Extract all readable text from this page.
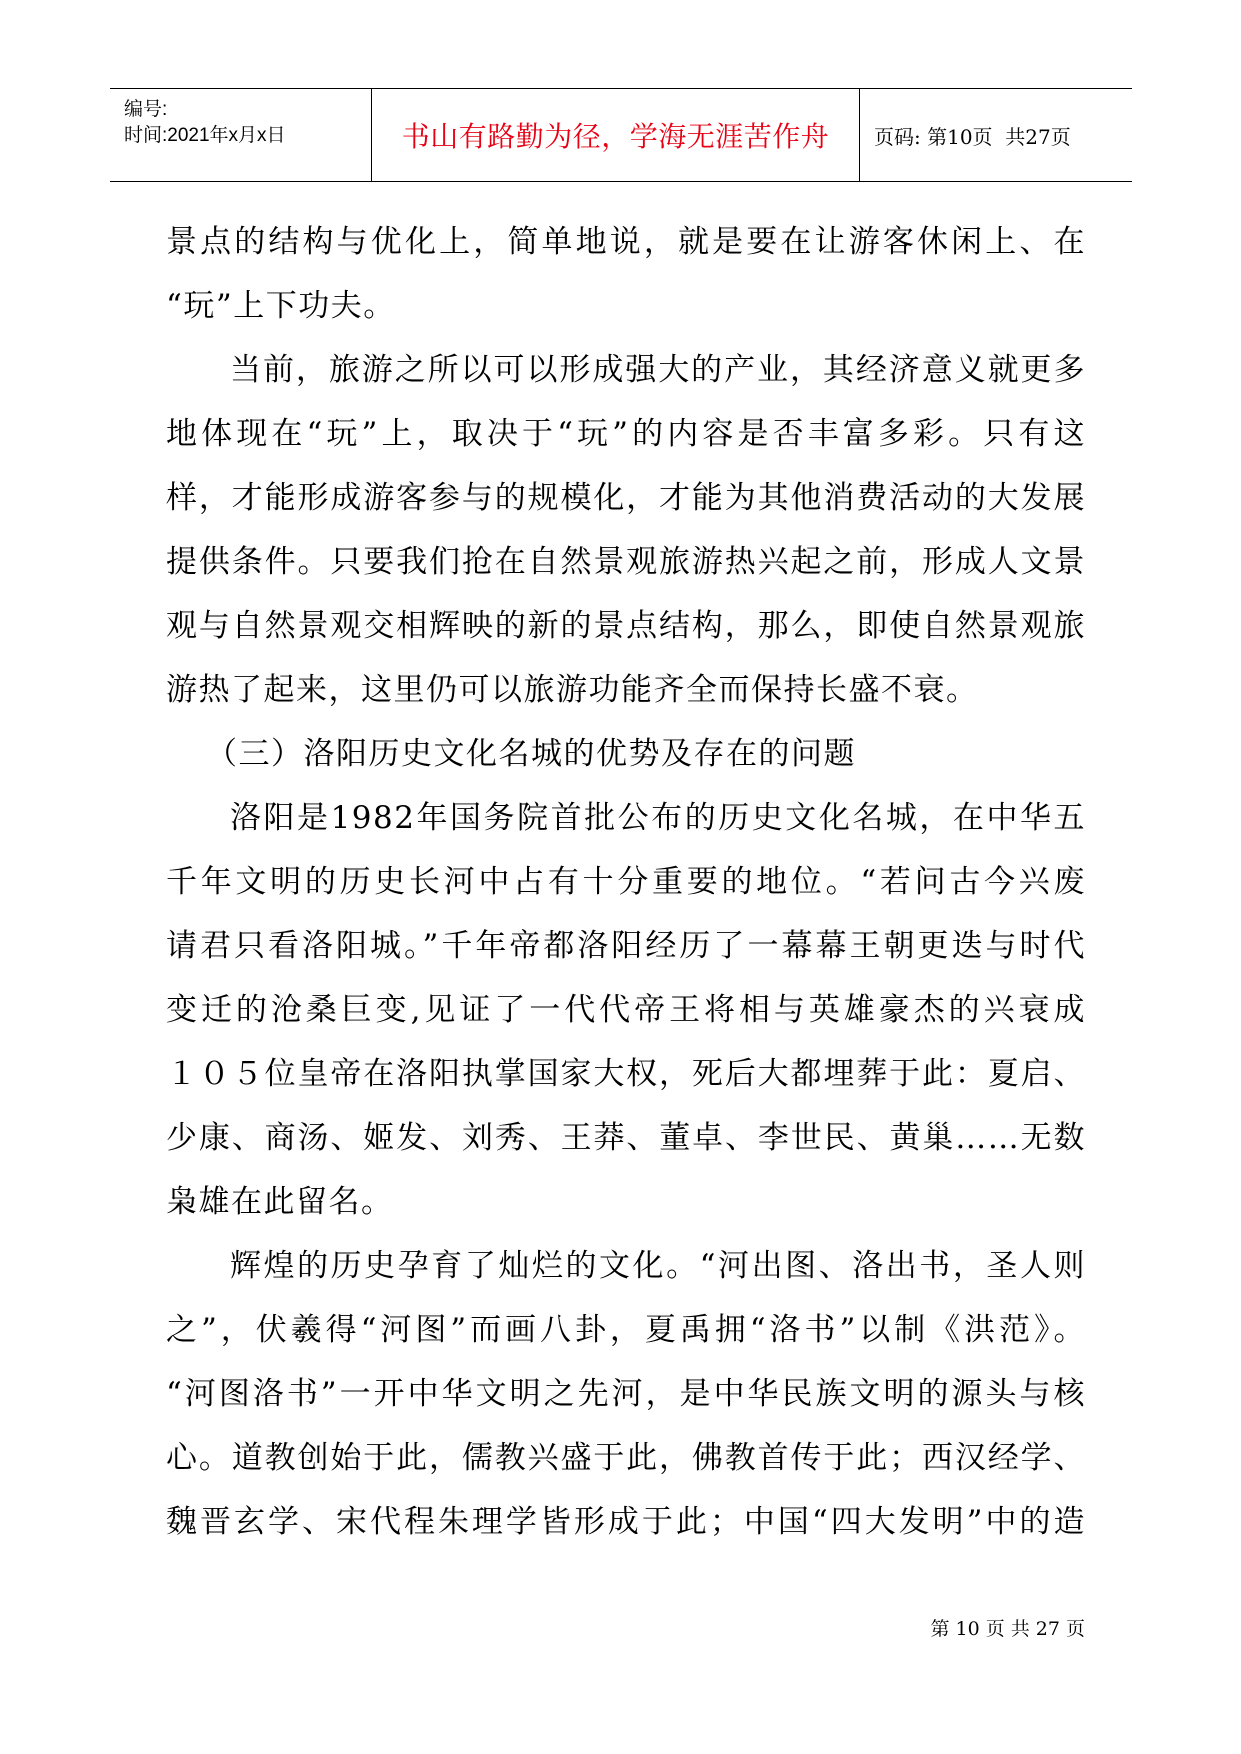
编号:
时间:2021年x月x日	书山有路勤为径，学海无涯苦作舟	页码: 第10页  共27页
景点的结构与优化上，简单地说，就是要在让游客休闲上、在
“玩”上下功夫。
当前，旅游之所以可以形成强大的产业，其经济意义就更多
地体现在“玩”上，取决于“玩”的内容是否丰富多彩。只有这
样，才能形成游客参与的规模化，才能为其他消费活动的大发展
提供条件。只要我们抢在自然景观旅游热兴起之前，形成人文景
观与自然景观交相辉映的新的景点结构，那么，即使自然景观旅
游热了起来，这里仍可以旅游功能齐全而保持长盛不衰。
（三）洛阳历史文化名城的优势及存在的问题
洛阳是1982年国务院首批公布的历史文化名城，在中华五
千年文明的历史长河中占有十分重要的地位。“若问古今兴废
请君只看洛阳城。”千年帝都洛阳经历了一幕幕王朝更迭与时代
变迁的沧桑巨变,见证了一代代帝王将相与英雄豪杰的兴衰成
１０５位皇帝在洛阳执掌国家大权，死后大都埋葬于此：夏启、
少康、商汤、姬发、刘秀、王莽、董卓、李世民、黄巢……无数
枭雄在此留名。
辉煌的历史孕育了灿烂的文化。“河出图、洛出书，圣人则
之”，伏羲得“河图”而画八卦，夏禹拥“洛书”以制《洪范》。
“河图洛书”一开中华文明之先河，是中华民族文明的源头与核
心。道教创始于此，儒教兴盛于此，佛教首传于此；西汉经学、
魏晋玄学、宋代程朱理学皆形成于此；中国“四大发明”中的造
第 10 页 共 27 页
